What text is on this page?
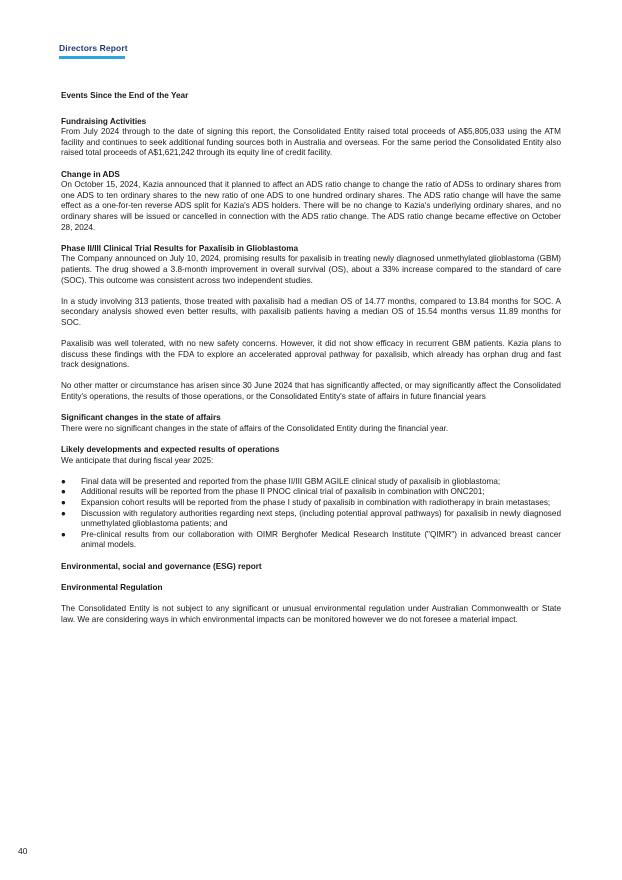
Directors Report
Events Since the End of the Year
Fundraising Activities

From July 2024 through to the date of signing this report, the Consolidated Entity raised total proceeds of A$5,805,033 using the ATM facility and continues to seek additional funding sources both in Australia and overseas. For the same period the Consolidated Entity also raised total proceeds of A$1,621,242 through its equity line of credit facility.

Change in ADS

On October 15, 2024, Kazia announced that it planned to affect an ADS ratio change to change the ratio of ADSs to ordinary shares from one ADS to ten ordinary shares to the new ratio of one ADS to one hundred ordinary shares. The ADS ratio change will have the same effect as a one-for-ten reverse ADS split for Kazia's ADS holders. There will be no change to Kazia's underlying ordinary shares, and no ordinary shares will be issued or cancelled in connection with the ADS ratio change. The ADS ratio change became effective on October 28, 2024.

Phase II/III Clinical Trial Results for Paxalisib in Glioblastoma

The Company announced on July 10, 2024, promising results for paxalisib in treating newly diagnosed unmethylated glioblastoma (GBM) patients. The drug showed a 3.8-month improvement in overall survival (OS), about a 33% increase compared to the standard of care (SOC). This outcome was consistent across two independent studies.

In a study involving 313 patients, those treated with paxalisib had a median OS of 14.77 months, compared to 13.84 months for SOC. A secondary analysis showed even better results, with paxalisib patients having a median OS of 15.54 months versus 11.89 months for SOC.

Paxalisib was well tolerated, with no new safety concerns. However, it did not show efficacy in recurrent GBM patients. Kazia plans to discuss these findings with the FDA to explore an accelerated approval pathway for paxalisib, which already has orphan drug and fast track designations.

No other matter or circumstance has arisen since 30 June 2024 that has significantly affected, or may significantly affect the Consolidated Entity's operations, the results of those operations, or the Consolidated Entity's state of affairs in future financial years

Significant changes in the state of affairs

There were no significant changes in the state of affairs of the Consolidated Entity during the financial year.

Likely developments and expected results of operations

We anticipate that during fiscal year 2025:

● Final data will be presented and reported from the phase II/III GBM AGILE clinical study of paxalisib in glioblastoma;
● Additional results will be reported from the phase II PNOC clinical trial of paxalisib in combination with ONC201;
● Expansion cohort results will be reported from the phase I study of paxalisib in combination with radiotherapy in brain metastases;
● Discussion with regulatory authorities regarding next steps, (including potential approval pathways) for paxalisib in newly diagnosed unmethylated glioblastoma patients; and
● Pre-clinical results from our collaboration with OIMR Berghofer Medical Research Institute ("QIMR") in advanced breast cancer animal models.
Environmental, social and governance (ESG) report
Environmental Regulation

The Consolidated Entity is not subject to any significant or unusual environmental regulation under Australian Commonwealth or State law. We are considering ways in which environmental impacts can be monitored however we do not foresee a material impact.

40
